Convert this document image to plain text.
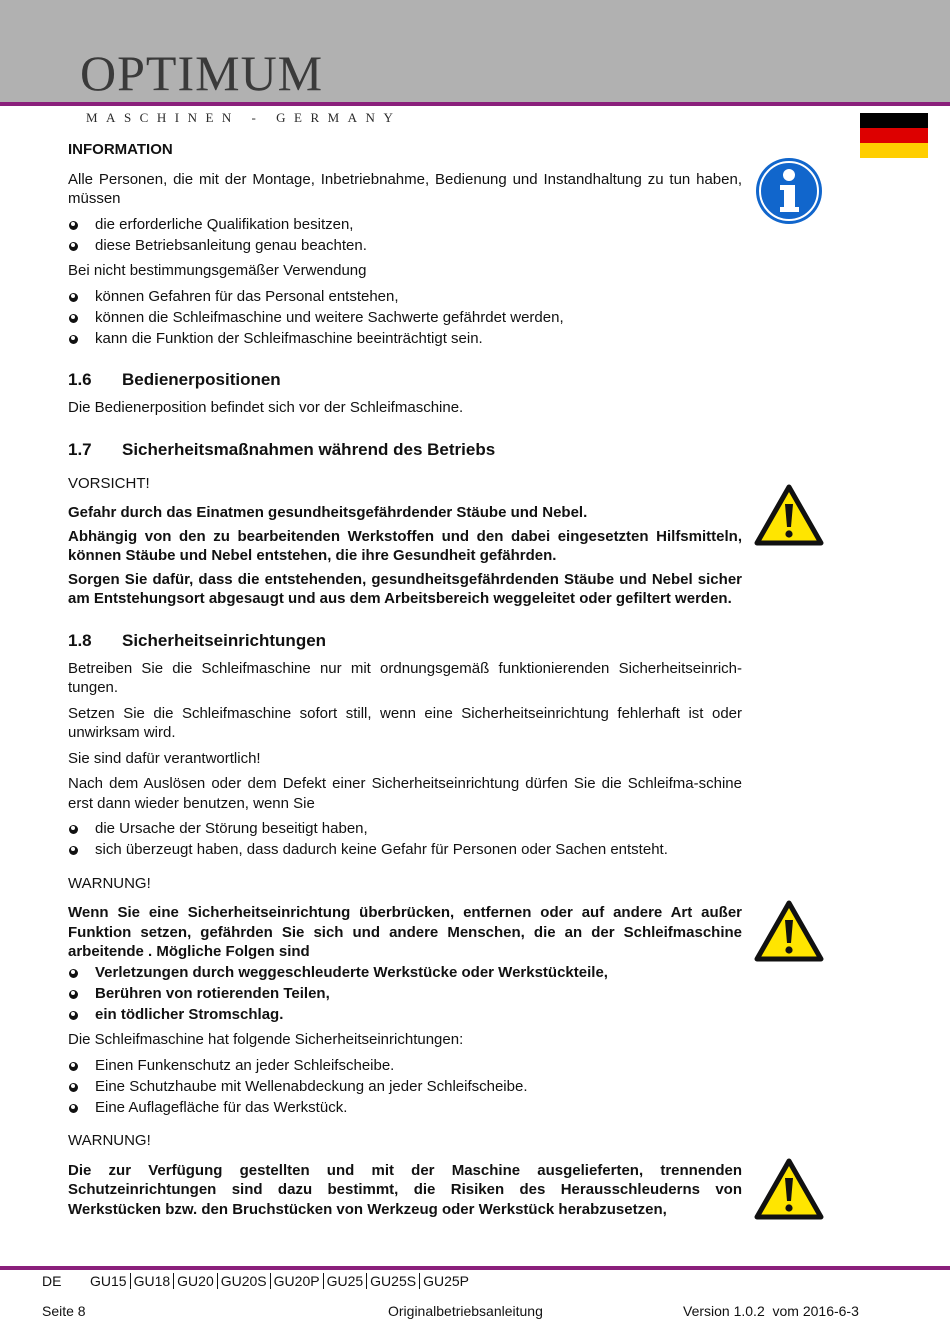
OPTIMUM
MASCHINEN - GERMANY
INFORMATION

Alle Personen, die mit der Montage, Inbetriebnahme, Bedienung und Instandhaltung zu tun haben, müssen

die erforderliche Qualifikation besitzen,
diese Betriebsanleitung genau beachten.

Bei nicht bestimmungsgemäßer Verwendung

können Gefahren für das Personal entstehen,
können die Schleifmaschine und weitere Sachwerte gefährdet werden,
kann die Funktion der Schleifmaschine beeinträchtigt sein.
1.6 Bedienerpositionen

Die Bedienerposition befindet sich vor der Schleifmaschine.

1.7 Sicherheitsmaßnahmen während des Betriebs
VORSICHT!

Gefahr durch das Einatmen gesundheitsgefährdender Stäube und Nebel.

Abhängig von den zu bearbeitenden Werkstoffen und den dabei eingesetzten Hilfsmitteln, können Stäube und Nebel entstehen, die ihre Gesundheit gefährden.

Sorgen Sie dafür, dass die entstehenden, gesundheitsgefährdenden Stäube und Nebel sicher am Entstehungsort abgesaugt und aus dem Arbeitsbereich weggeleitet oder gefiltert werden.

1.8 Sicherheitseinrichtungen

Betreiben Sie die Schleifmaschine nur mit ordnungsgemäß funktionierenden Sicherheitseinrich-tungen.

Setzen Sie die Schleifmaschine sofort still, wenn eine Sicherheitseinrichtung fehlerhaft ist oder unwirksam wird.

Sie sind dafür verantwortlich!

Nach dem Auslösen oder dem Defekt einer Sicherheitseinrichtung dürfen Sie die Schleifma-schine erst dann wieder benutzen, wenn Sie

die Ursache der Störung beseitigt haben,
sich überzeugt haben, dass dadurch keine Gefahr für Personen oder Sachen entsteht.
WARNUNG!

Wenn Sie eine Sicherheitseinrichtung überbrücken, entfernen oder auf andere Art außer Funktion setzen, gefährden Sie sich und andere Menschen, die an der Schleifmaschine arbeitende . Mögliche Folgen sind

Verletzungen durch weggeschleuderte Werkstücke oder Werkstückteile,
Berühren von rotierenden Teilen,
ein tödlicher Stromschlag.

Die Schleifmaschine hat folgende Sicherheitseinrichtungen:

Einen Funkenschutz an jeder Schleifscheibe.
Eine Schutzhaube mit Wellenabdeckung an jeder Schleifscheibe.
Eine Auflagefläche für das Werkstück.
WARNUNG!

Die zur Verfügung gestellten und mit der Maschine ausgelieferten, trennenden Schutzeinrichtungen sind dazu bestimmt, die Risiken des Herausschleuderns von Werkstücken bzw. den Bruchstücken von Werkzeug oder Werkstück herabzusetzen,

DE GU15 GU18 GU20 GU20S GU20P GU25 GU25S GU25P
Seite 8	Originalbetriebsanleitung	Version 1.0.2  vom 2016-6-3
